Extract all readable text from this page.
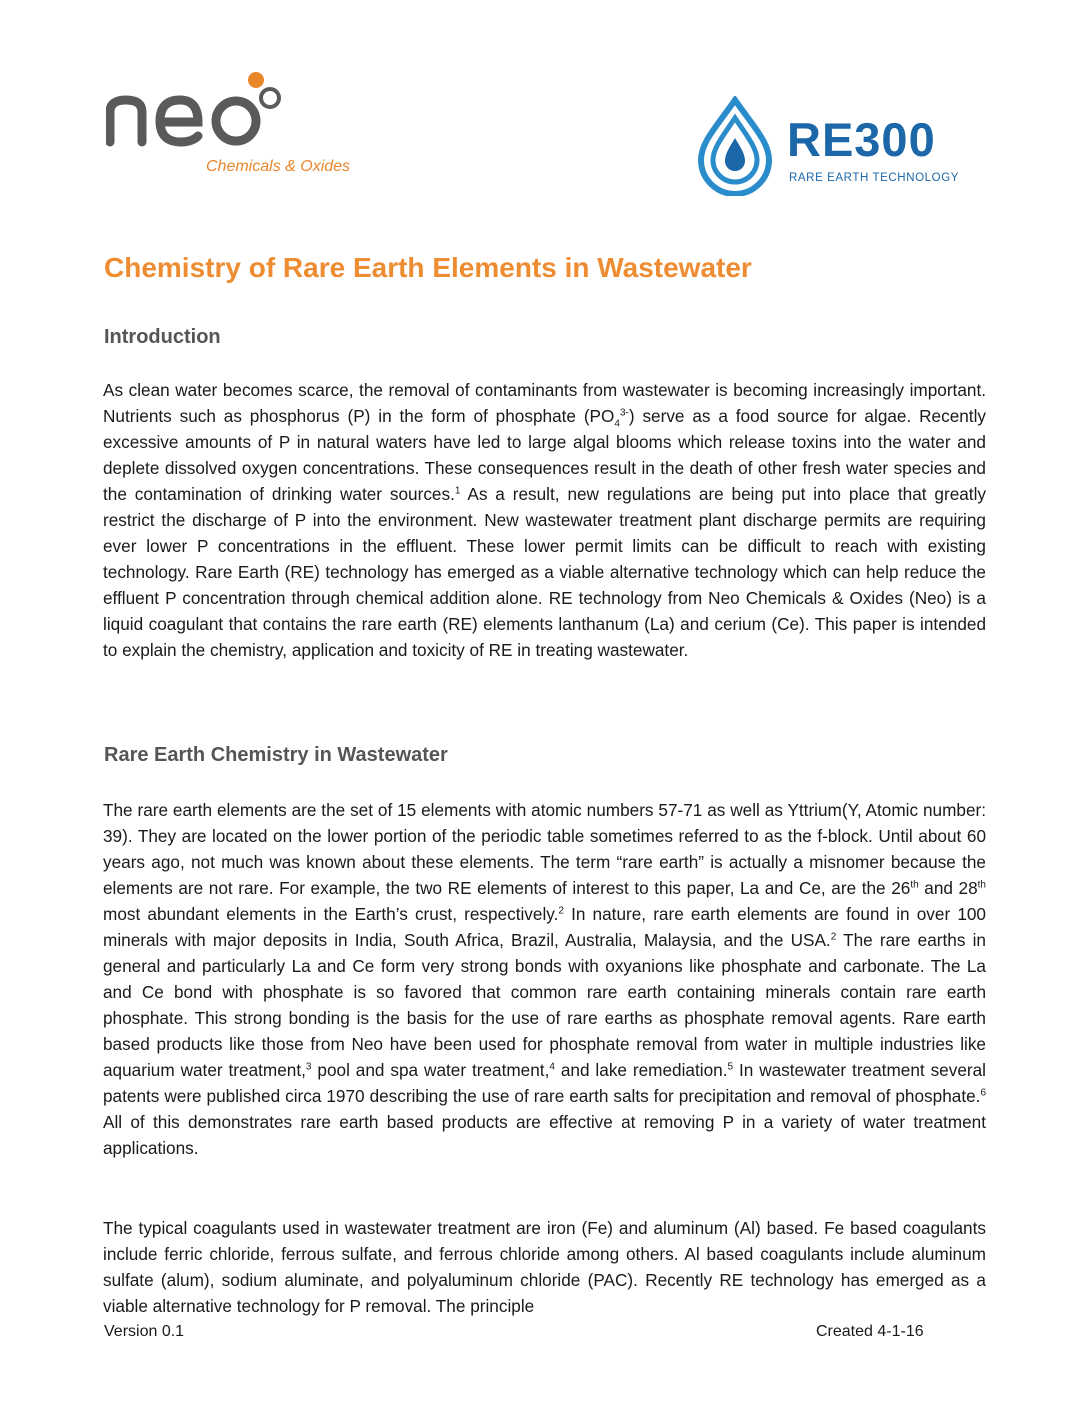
Chemicals & Oxides
RE300
RARE EARTH TECHNOLOGY
Chemistry of Rare Earth Elements in Wastewater
Introduction

As clean water becomes scarce, the removal of contaminants from wastewater is becoming increasingly important. Nutrients such as phosphorus (P) in the form of phosphate $(PO_4^{3-})$ serve as a food source for algae. Recently excessive amounts of P in natural waters have led to large algal blooms which release toxins into the water and deplete dissolved oxygen concentrations. These consequences result in the death of other fresh water species and the contamination of drinking water sources.$^1$ As a result, new regulations are being put into place that greatly restrict the discharge of P into the environment. New wastewater treatment plant discharge permits are requiring ever lower P concentrations in the effluent. These lower permit limits can be difficult to reach with existing technology. Rare Earth (RE) technology has emerged as a viable alternative technology which can help reduce the effluent P concentration through chemical addition alone. RE technology from Neo Chemicals & Oxides (Neo) is a liquid coagulant that contains the rare earth (RE) elements lanthanum (La) and cerium (Ce). This paper is intended to explain the chemistry, application and toxicity of RE in treating wastewater.

Rare Earth Chemistry in Wastewater

The rare earth elements are the set of 15 elements with atomic numbers 57-71 as well as Yttrium(Y, Atomic number: 39). They are located on the lower portion of the periodic table sometimes referred to as the f-block. Until about 60 years ago, not much was known about these elements. The term “rare earth” is actually a misnomer because the elements are not rare. For example, the two RE elements of interest to this paper, La and Ce, are the 26th and 28th most abundant elements in the Earth’s crust, respectively.$^2$ In nature, rare earth elements are found in over 100 minerals with major deposits in India, South Africa, Brazil, Australia, Malaysia, and the USA.$^2$ The rare earths in general and particularly La and Ce form very strong bonds with oxyanions like phosphate and carbonate. The La and Ce bond with phosphate is so favored that common rare earth containing minerals contain rare earth phosphate. This strong bonding is the basis for the use of rare earths as phosphate removal agents. Rare earth based products like those from Neo have been used for phosphate removal from water in multiple industries like aquarium water treatment,$^3$ pool and spa water treatment,$^4$ and lake remediation.$^5$ In wastewater treatment several patents were published circa 1970 describing the use of rare earth salts for precipitation and removal of phosphate.$^6$ All of this demonstrates rare earth based products are effective at removing P in a variety of water treatment applications.

The typical coagulants used in wastewater treatment are iron (Fe) and aluminum (Al) based. Fe based coagulants include ferric chloride, ferrous sulfate, and ferrous chloride among others. Al based coagulants include aluminum sulfate (alum), sodium aluminate, and polyaluminum chloride (PAC). Recently RE technology has emerged as a viable alternative technology for P removal. The principle

Version 0.1	Created 4-1-16
